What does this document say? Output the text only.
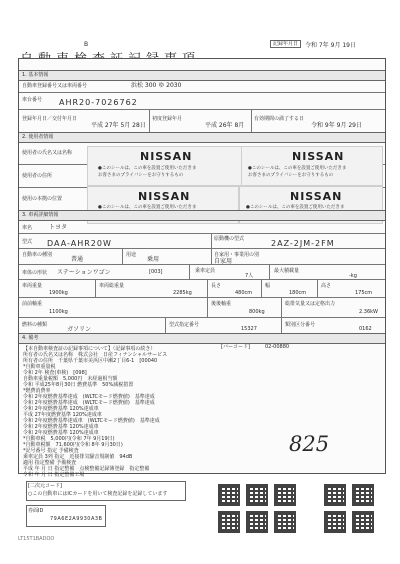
B	記録年月日	令和 7年 9月 19日
1. 基本情報
自動車登録番号又は車両番号	浜松 300 ゆ 2030
車台番号 AHR20-7026762
登録年月日／交付年月日
平成 27年 5月 28日
初度登録年月
平成 26年 8月
有効期間の満了する日
令和 9年 9月 29日
2. 使用者情報
使用者の氏名又は名称
使用者の住所
使用の本拠の位置
NISSAN
●このシールは、この車を設置ご使用いただきま
お客さまのプライバシーをお守りするもの
NISSAN
●このシールは、この車を設置ご使用いただきま
お客さまのプライバシーをお守りするもの
NISSAN
●このシールは、この車を設置ご使用いただきま
NISSAN
●このシールは、この車を設置ご使用いただきま
3. 車両詳細情報
車名	トヨタ
型式 DAA-AHR20W	原動機の型式	2AZ-2JM-2FM
自動車の種別
普通
用途
乗用
自家用・事業用の別
自家用
車体の形状 ステーションワゴン	[003]	乗車定員
7人
最大積載量
-kg
車両重量
1900kg
車両総重量
2285kg
長さ
480cm
幅
180cm
高さ
175cm
前前軸重
1100kg
後後軸重
800kg
総排気量又は定格出力
2.36kW
燃料の種類
ガソリン
型式指定番号
15327
類別区分番号
0162
4. 備考
【本自動車検査証の記録事項について】（記録事項の続き）
所有者の氏名又は名称　株式会社　日産フィナンシャルサービス
所有者の住所　千葉県千葉市美浜区中瀬2丁目6-1　[00040
*自動車重量税
令和 2年 検査(車検)　[098]
自動車重量税額　5,000円　未経過相当額
令和 平成25年8月30日 燃費基準　50%減税措置
*燃費消費率
令和 2年度燃費基準達成　(WLTCモード燃費値)　基準達成
令和 2年度燃費基準達成　(WLTCモード燃費値)　基準達成
令和 2年度燃費基準 120%達成車
平成 27年度燃費基準 120%達成車
令和 2年度燃費基準達成車　(WLTCモード燃費値)　基準達成
令和 2年度燃費基準 120%達成車
令和 2年度燃費基準 120%達成車
*自動車税　5,000円(令和 7年 9月19日)
*自動車税額　71,600円(令和 8年 9月30日)
*記号番号 指定 予備検査
乗車定員 3列 指定　近接排気騒音規制値　94dB
適用 指定整備 予備検査
平成 年 月 日 指定整備　点検整備記録簿登録　指定整備
令和 年 月 日 指定整備工場
[バーコード]	02-00880
825
[二次元コード]
○この自動車にはICカードを用いて検査記録を記録しています
券面ID
79A6E2A9930A3B
LT15T1BADOO
